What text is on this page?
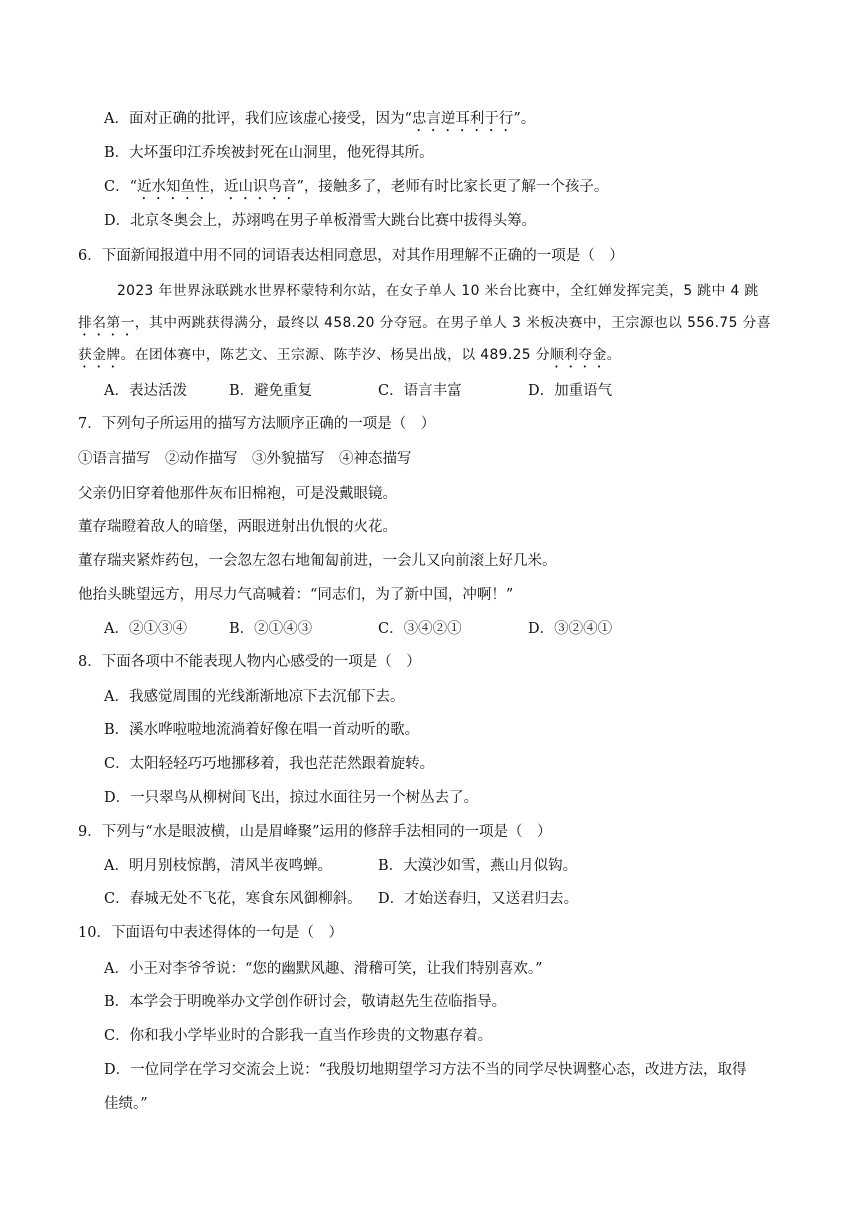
A．面对正确的批评，我们应该虚心接受，因为“忠言逆耳利于行”。
B．大坏蛋印江乔埃被封死在山洞里，他死得其所。
C．“近水知鱼性，近山识鸟音”，接触多了，老师有时比家长更了解一个孩子。
D．北京冬奥会上，苏翊鸣在男子单板滑雪大跳台比赛中拔得头筹。
6．下面新闻报道中用不同的词语表达相同意思，对其作用理解不正确的一项是（　）
2023 年世界泳联跳水世界杯蒙特利尔站，在女子单人 10 米台比赛中，全红婵发挥完美，5 跳中 4 跳
排名第一，其中两跳获得满分，最终以 458.20 分夺冠。在男子单人 3 米板决赛中，王宗源也以 556.75 分喜
获金牌。在团体赛中，陈艺文、王宗源、陈芋汐、杨昊出战，以 489.25 分顺利夺金。
A．表达活泼	B．避免重复	C．语言丰富	D．加重语气
7．下列句子所运用的描写方法顺序正确的一项是（　）
①语言描写　②动作描写　③外貌描写　④神态描写
父亲仍旧穿着他那件灰布旧棉袍，可是没戴眼镜。
董存瑞瞪着敌人的暗堡，两眼迸射出仇恨的火花。
董存瑞夹紧炸药包，一会忽左忽右地匍匐前进，一会儿又向前滚上好几米。
他抬头眺望远方，用尽力气高喊着：“同志们，为了新中国，冲啊！”
A．②①③④	B．②①④③	C．③④②①	D．③②④①
8．下面各项中不能表现人物内心感受的一项是（　）
A．我感觉周围的光线渐渐地凉下去沉郁下去。
B．溪水哗啦啦地流淌着好像在唱一首动听的歌。
C．太阳轻轻巧巧地挪移着，我也茫茫然跟着旋转。
D．一只翠鸟从柳树间飞出，掠过水面往另一个树丛去了。
9．下列与“水是眼波横，山是眉峰聚”运用的修辞手法相同的一项是（　）
A．明月别枝惊鹊，清风半夜鸣蝉。	B．大漠沙如雪，燕山月似钩。
C．春城无处不飞花，寒食东风御柳斜。 D．才始送春归，又送君归去。
10．下面语句中表述得体的一句是（　）
A．小王对李爷爷说：“您的幽默风趣、滑稽可笑，让我们特别喜欢。”
B．本学会于明晚举办文学创作研讨会，敬请赵先生莅临指导。
C．你和我小学毕业时的合影我一直当作珍贵的文物惠存着。
D．一位同学在学习交流会上说：“我殷切地期望学习方法不当的同学尽快调整心态，改进方法，取得
佳绩。”
